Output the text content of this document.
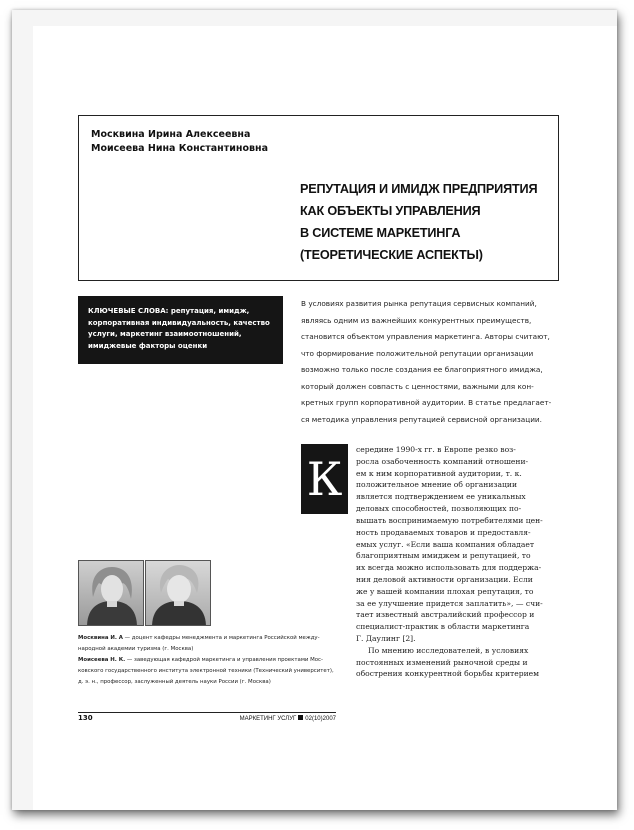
Москвина Ирина Алексеевна
Моисеева Нина Константиновна
РЕПУТАЦИЯ И ИМИДЖ ПРЕДПРИЯТИЯ
КАК ОБЪЕКТЫ УПРАВЛЕНИЯ
В СИСТЕМЕ МАРКЕТИНГА
(ТЕОРЕТИЧЕСКИЕ АСПЕКТЫ)
КЛЮЧЕВЫЕ СЛОВА: репутация, имидж, корпоративная индивидуальность, качество услуги, маркетинг взаимоотношений, имиджевые факторы оценки
В условиях развития рынка репутация сервисных компаний,
являясь одним из важнейших конкурентных преимуществ,
становится объектом управления маркетинга. Авторы считают,
что формирование положительной репутации организации
возможно только после создания ее благоприятного имиджа,
который должен совпасть с ценностями, важными для кон-
кретных групп корпоративной аудитории. В статье предлагает-
ся методика управления репутацией сервисной организации.
К
середине 1990-х гг. в Европе резко воз-
росла озабоченность компаний отношени-
ем к ним корпоративной аудитории, т. к.
положительное мнение об организации
является подтверждением ее уникальных
деловых способностей, позволяющих по-
вышать воспринимаемую потребителями цен-
ность продаваемых товаров и предоставля-
емых услуг. «Если ваша компания обладает
благоприятным имиджем и репутацией, то
их всегда можно использовать для поддержа-
ния деловой активности организации. Если
же у вашей компании плохая репутация, то
за ее улучшение придется заплатить», — счи-
тает известный австралийский профессор и
специалист-практик в области маркетинга
Г. Даулинг [2].
По мнению исследователей, в условиях
постоянных изменений рыночной среды и
обострения конкурентной борьбы критерием
Москвина И. А — доцент кафедры менеджмента и маркетинга Российской между-
народной академии туризма (г. Москва)
Моисеева Н. К. — заведующая кафедрой маркетинга и управления проектами Мос-
ковского государственного института электронной техники (Технический университет),
д. э. н., профессор, заслуженный деятель науки России (г. Москва)
130	МАРКЕТИНГ УСЛУГ 02(10)2007
